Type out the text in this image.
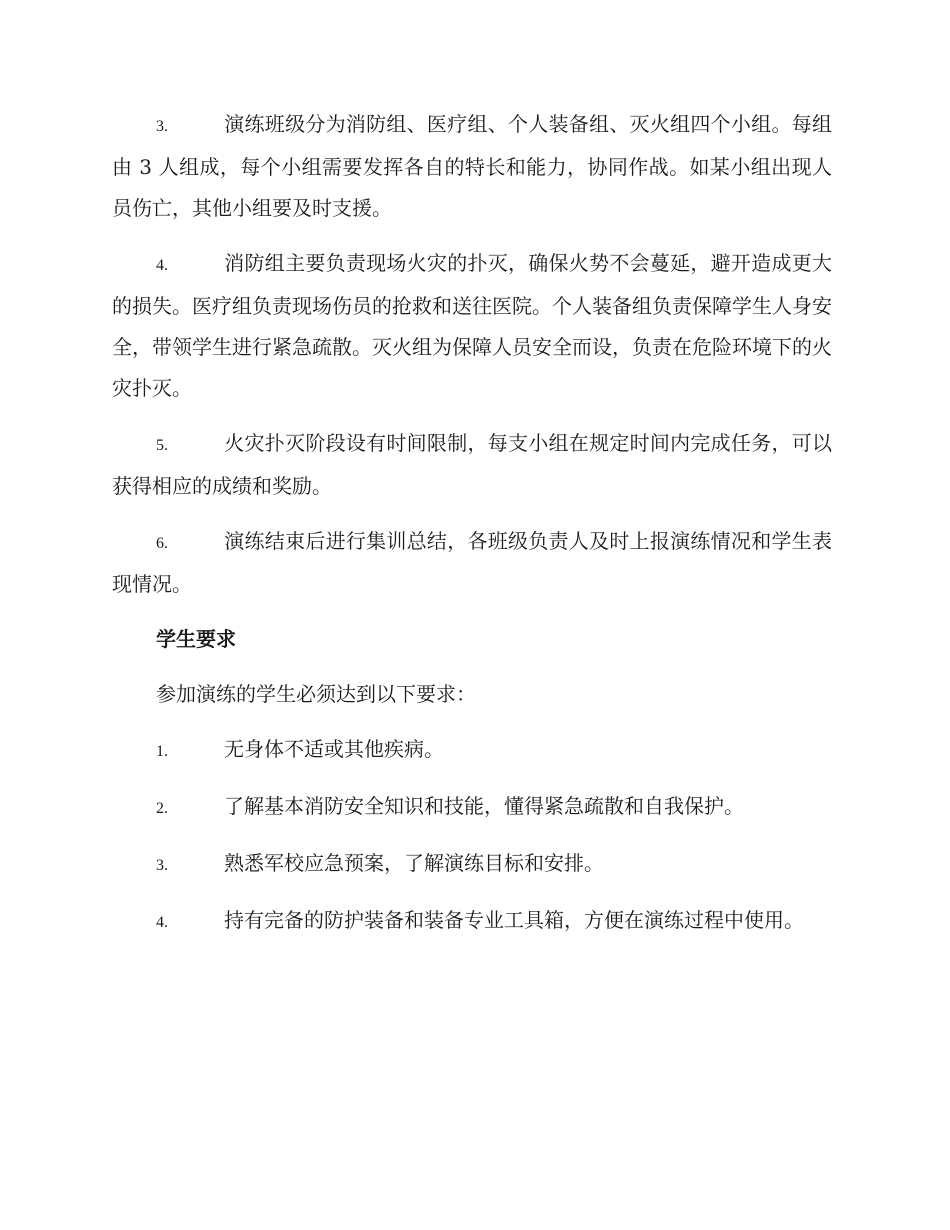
3.	演练班级分为消防组、医疗组、个人装备组、灭火组四个小组。每组由 3 人组成，每个小组需要发挥各自的特长和能力，协同作战。如某小组出现人员伤亡，其他小组要及时支援。

4.	消防组主要负责现场火灾的扑灭，确保火势不会蔓延，避开造成更大的损失。医疗组负责现场伤员的抢救和送往医院。个人装备组负责保障学生人身安全，带领学生进行紧急疏散。灭火组为保障人员安全而设，负责在危险环境下的火灾扑灭。

5.	火灾扑灭阶段设有时间限制，每支小组在规定时间内完成任务，可以获得相应的成绩和奖励。

6.	演练结束后进行集训总结，各班级负责人及时上报演练情况和学生表现情况。

学生要求

参加演练的学生必须达到以下要求：

1.	无身体不适或其他疾病。

2.	了解基本消防安全知识和技能，懂得紧急疏散和自我保护。

3.	熟悉军校应急预案，了解演练目标和安排。

4.	持有完备的防护装备和装备专业工具箱，方便在演练过程中使用。
